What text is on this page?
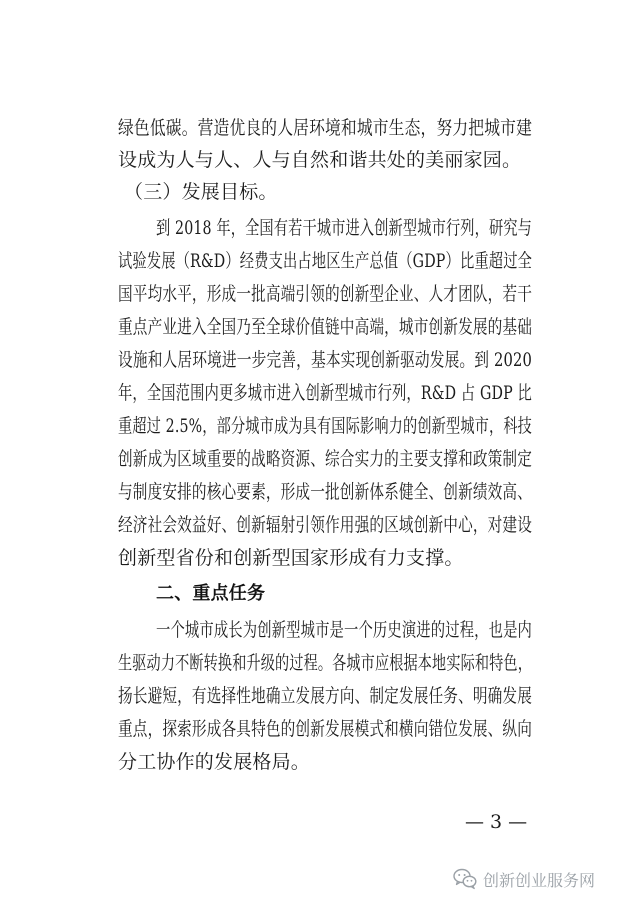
绿色低碳。营造优良的人居环境和城市生态，努力把城市建
设成为人与人、人与自然和谐共处的美丽家园。
（三）发展目标。
到 2018 年，全国有若干城市进入创新型城市行列，研究与
试验发展（R&D）经费支出占地区生产总值（GDP）比重超过全
国平均水平，形成一批高端引领的创新型企业、人才团队，若干
重点产业进入全国乃至全球价值链中高端，城市创新发展的基础
设施和人居环境进一步完善，基本实现创新驱动发展。到 2020
年，全国范围内更多城市进入创新型城市行列，R&D 占 GDP 比
重超过 2.5%，部分城市成为具有国际影响力的创新型城市，科技
创新成为区域重要的战略资源、综合实力的主要支撑和政策制定
与制度安排的核心要素，形成一批创新体系健全、创新绩效高、
经济社会效益好、创新辐射引领作用强的区域创新中心，对建设
创新型省份和创新型国家形成有力支撑。
二、重点任务
一个城市成长为创新型城市是一个历史演进的过程，也是内
生驱动力不断转换和升级的过程。各城市应根据本地实际和特色，
扬长避短，有选择性地确立发展方向、制定发展任务、明确发展
重点，探索形成各具特色的创新发展模式和横向错位发展、纵向
分工协作的发展格局。
— 3 —
创新创业服务网
